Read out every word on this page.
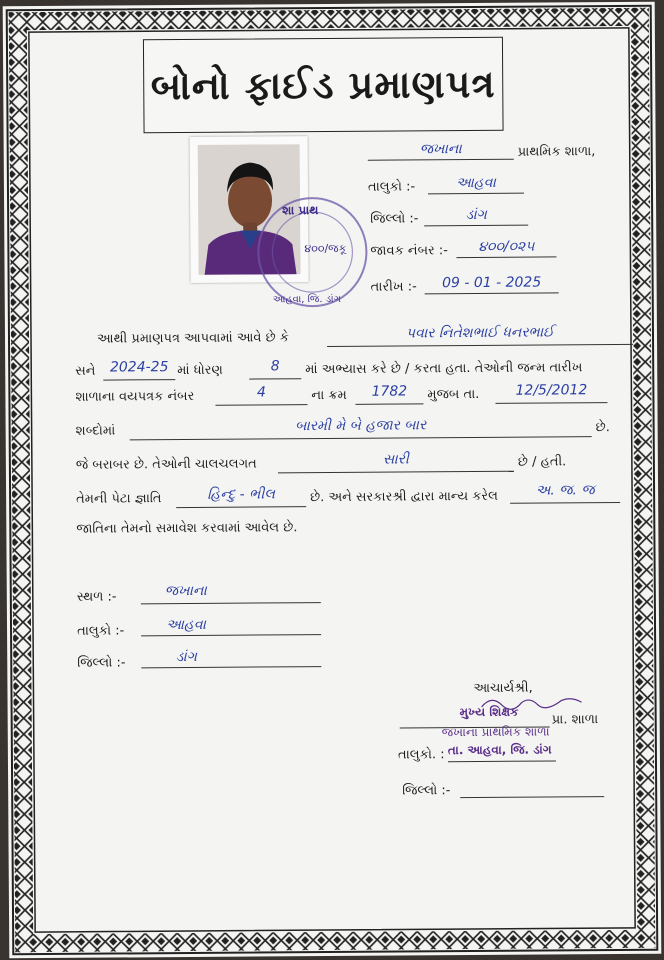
બોનો ફાઈડ પ્રમાણપત્ર
શા પ્રાથ
૪૦૦/જકૂ
આહવા, જિ. ડાંગ
જખાના	પ્રાથમિક શાળા,
તાલુકો :-	આહવા
જિલ્લો :-	ડાંગ
જાવક નંબર :-	૪૦૦/૦૨૫
તારીખ :-	09 - 01 - 2025
આથી પ્રમાણપત્ર આપવામાં આવે છે કે	પવાર નિતેશભાઈ ધનરભાઈ
સને	2024-25 માં ધોરણ	8	માં અભ્યાસ કરે છે / કરતા હતા. તેઓની જન્મ તારીખ
શાળાના વયપત્રક નંબર	4	ના ક્રમ	1782	મુજબ તા.	12/5/2012
શબ્દોમાં	બારમી મે બે હજાર બાર	છે.
જે બરાબર છે. તેઓની ચાલચલગત	સારી	છે / હતી.
તેમની પેટા જ્ઞાતિ	હિન્દુ - ભીલ	છે. અને સરકારશ્રી દ્વારા માન્ય કરેલ	અ. જ. જ
જાતિના તેમનો સમાવેશ કરવામાં આવેલ છે.
સ્થળ :-	જખાના
તાલુકો :-	આહવા
જિલ્લો :-	ડાંગ
આચાર્યશ્રી,
મુખ્ય શિક્ષક
પ્રા. શાળા
જખાના પ્રાથમિક શાળા
તાલુકો. : તા. આહવા, જિ. ડાંગ
જિલ્લો :-
